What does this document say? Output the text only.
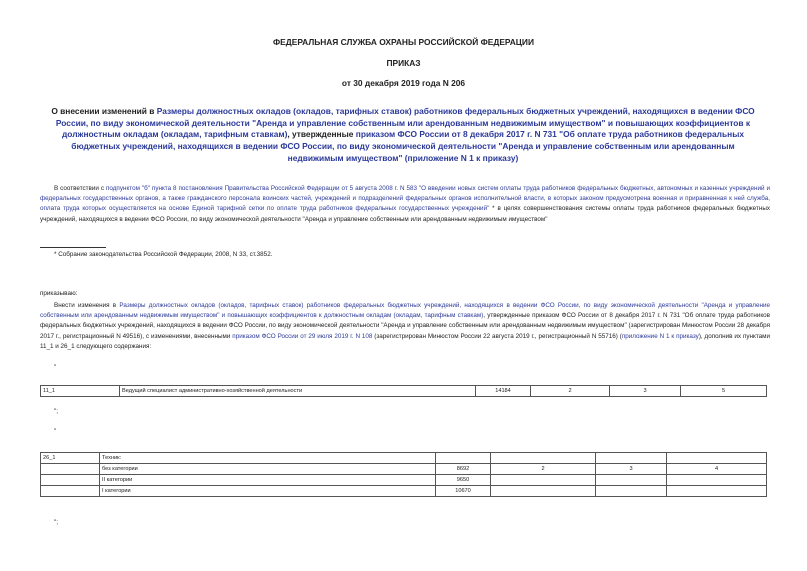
ФЕДЕРАЛЬНАЯ СЛУЖБА ОХРАНЫ РОССИЙСКОЙ ФЕДЕРАЦИИ
ПРИКАЗ
от 30 декабря 2019 года N 206
О внесении изменений в Размеры должностных окладов (окладов, тарифных ставок) работников федеральных бюджетных учреждений, находящихся в ведении ФСО России, по виду экономической деятельности "Аренда и управление собственным или арендованным недвижимым имуществом" и повышающих коэффициентов к должностным окладам (окладам, тарифным ставкам), утвержденные приказом ФСО России от 8 декабря 2017 г. N 731 "Об оплате труда работников федеральных бюджетных учреждений, находящихся в ведении ФСО России, по виду экономической деятельности "Аренда и управление собственным или арендованным недвижимым имуществом" (приложение N 1 к приказу)
В соответствии с подпунктом "б" пункта 8 постановления Правительства Российской Федерации от 5 августа 2008 г. N 583 "О введении новых систем оплаты труда работников федеральных бюджетных, автономных и казенных учреждений и федеральных государственных органов, а также гражданского персонала воинских частей, учреждений и подразделений федеральных органов исполнительной власти, в которых законом предусмотрена военная и приравненная к ней служба, оплата труда которых осуществляется на основе Единой тарифной сетки по оплате труда работников федеральных государственных учреждений" * в целях совершенствования системы оплаты труда работников федеральных бюджетных учреждений, находящихся в ведении ФСО России, по виду экономической деятельности "Аренда и управление собственным или арендованным недвижимым имуществом"
* Собрание законодательства Российской Федерации, 2008, N 33, ст.3852.
приказываю:
Внести изменения в Размеры должностных окладов (окладов, тарифных ставок) работников федеральных бюджетных учреждений, находящихся в ведении ФСО России, по виду экономической деятельности "Аренда и управление собственным или арендованным недвижимым имуществом" и повышающих коэффициентов к должностным окладам (окладам, тарифным ставкам), утвержденные приказом ФСО России от 8 декабря 2017 г. N 731 "Об оплате труда работников федеральных бюджетных учреждений, находящихся в ведении ФСО России, по виду экономической деятельности "Аренда и управление собственным или арендованным недвижимым имуществом" (зарегистрирован Минюстом России 28 декабря 2017 г., регистрационный N 49516), с изменениями, внесенными приказом ФСО России от 29 июля 2019 г. N 108 (зарегистрирован Минюстом России 22 августа 2019 г., регистрационный N 55716) (приложение N 1 к приказу), дополнив их пунктами 11_1 и 26_1 следующего содержания:
"
11_1	Ведущий специалист административно-хозяйственной деятельности	14184	2	3	5
";
"
26_1	Техник:				
	без категории	8692	2	3	4
	II категории	9650			
	I категории	10670			
";
